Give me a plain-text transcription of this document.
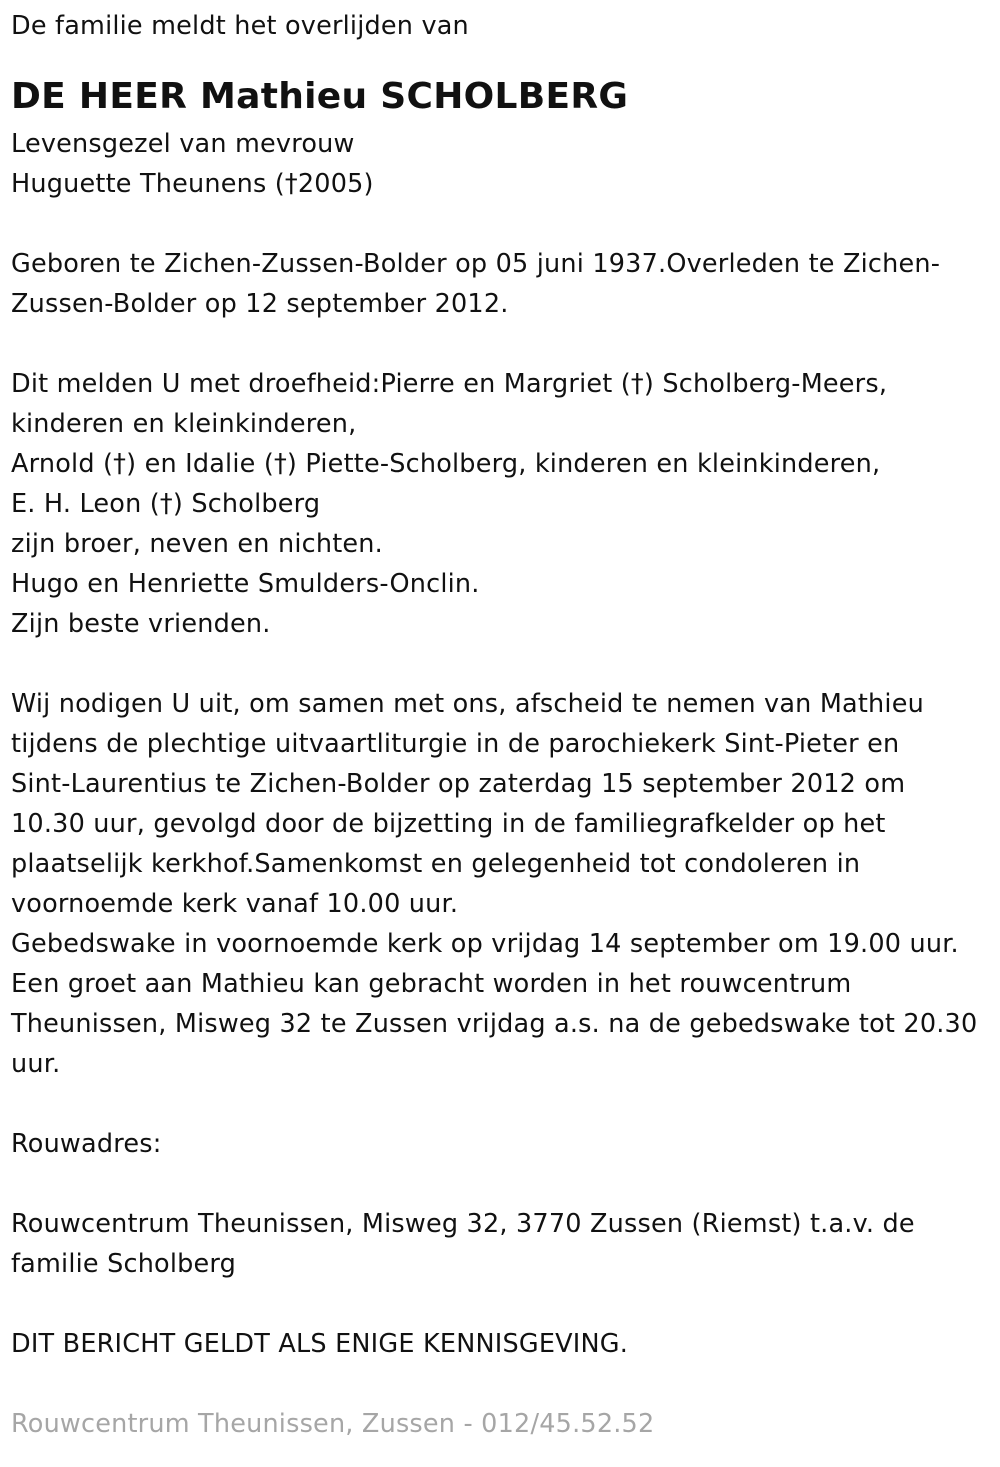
De familie meldt het overlijden van
DE HEER Mathieu SCHOLBERG
Levensgezel van mevrouw
Huguette Theunens (†2005)
Geboren te Zichen-Zussen-Bolder op 05 juni 1937.Overleden te Zichen-
Zussen-Bolder op 12 september 2012.
Dit melden U met droefheid:Pierre en Margriet (†) Scholberg-Meers,
kinderen en kleinkinderen,
Arnold (†) en Idalie (†) Piette-Scholberg, kinderen en kleinkinderen,
E. H. Leon (†) Scholberg
zijn broer, neven en nichten.
Hugo en Henriette Smulders-Onclin.
Zijn beste vrienden.
Wij nodigen U uit, om samen met ons, afscheid te nemen van Mathieu
tijdens de plechtige uitvaartliturgie in de parochiekerk Sint-Pieter en
Sint-Laurentius te Zichen-Bolder op zaterdag 15 september 2012 om
10.30 uur, gevolgd door de bijzetting in de familiegrafkelder op het
plaatselijk kerkhof.Samenkomst en gelegenheid tot condoleren in
voornoemde kerk vanaf 10.00 uur.
Gebedswake in voornoemde kerk op vrijdag 14 september om 19.00 uur.
Een groet aan Mathieu kan gebracht worden in het rouwcentrum
Theunissen, Misweg 32 te Zussen vrijdag a.s. na de gebedswake tot 20.30
uur.
Rouwadres:
Rouwcentrum Theunissen, Misweg 32, 3770 Zussen (Riemst) t.a.v. de
familie Scholberg
DIT BERICHT GELDT ALS ENIGE KENNISGEVING.
Rouwcentrum Theunissen, Zussen - 012/45.52.52
